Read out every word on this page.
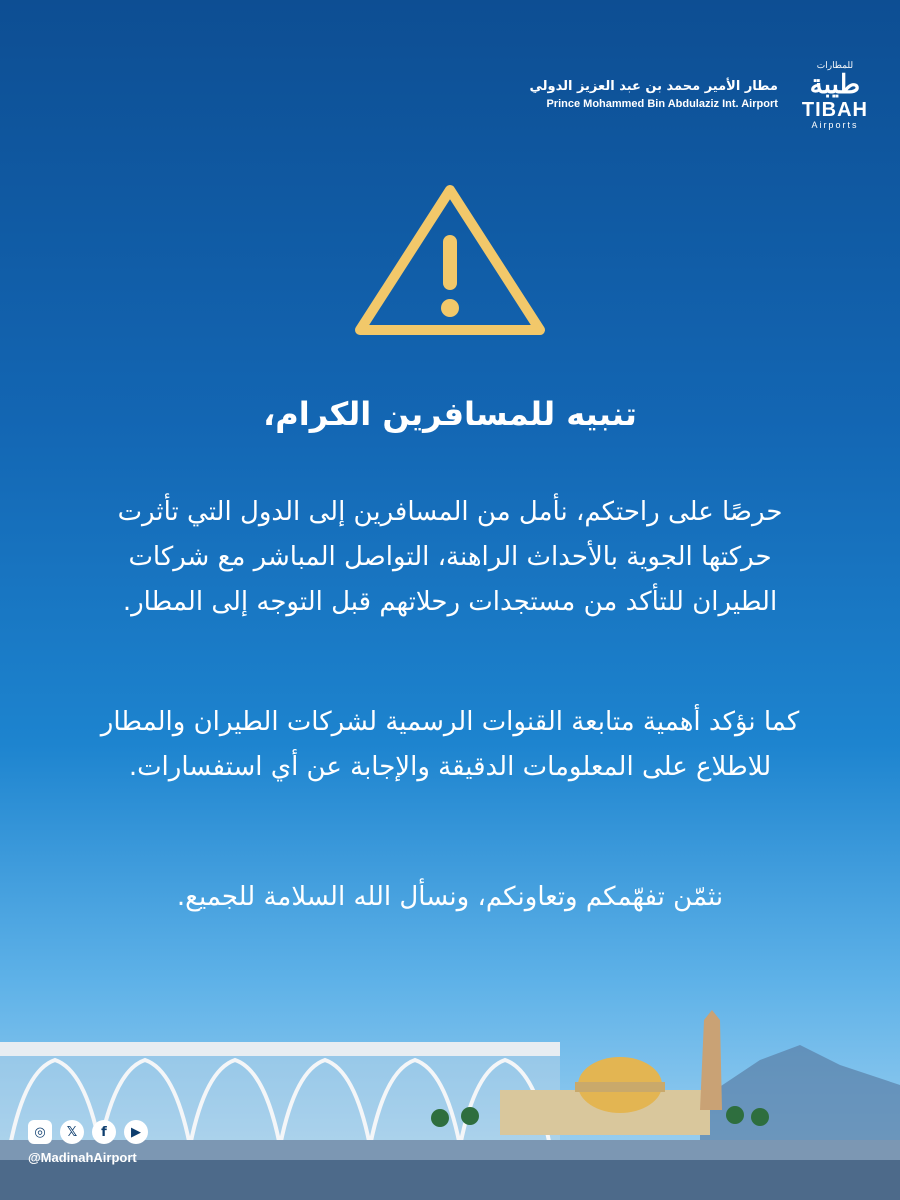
للمطارات
طيبة
TIBAH
Airports
مطار الأمير محمد بن عبد العزيز الدولي
Prince Mohammed Bin Abdulaziz Int. Airport
تنبيه للمسافرين الكرام،

حرصًا على راحتكم، نأمل من المسافرين إلى الدول التي تأثرت حركتها الجوية بالأحداث الراهنة، التواصل المباشر مع شركات الطيران للتأكد من مستجدات رحلاتهم قبل التوجه إلى المطار.

كما نؤكد أهمية متابعة القنوات الرسمية لشركات الطيران والمطار للاطلاع على المعلومات الدقيقة والإجابة عن أي استفسارات.

نثمّن تفهّمكم وتعاونكم، ونسأل الله السلامة للجميع.

◎	𝕏	f	▶
@MadinahAirport
